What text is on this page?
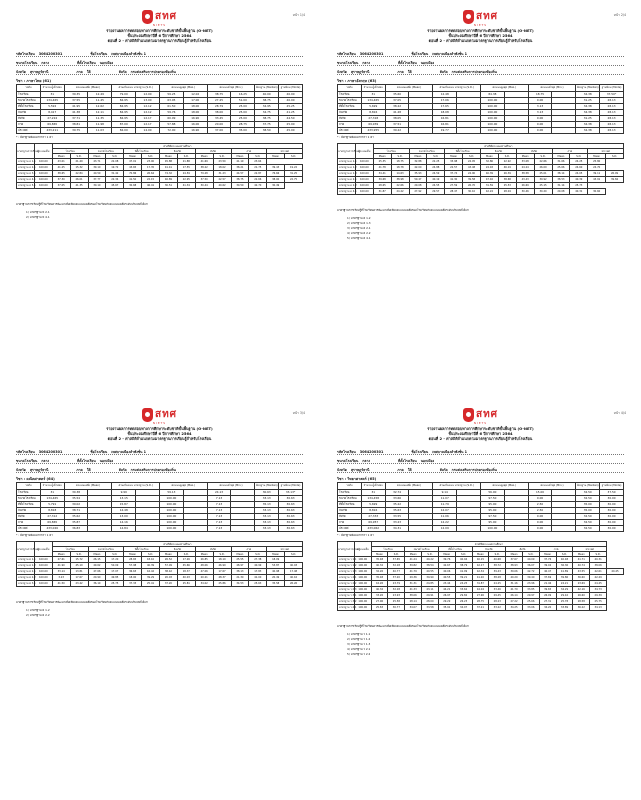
หน้า 1/4
สทศ
NIETS
รายงานผลการทดสอบทางการศึกษาระดับชาติขั้นพื้นฐาน (O-NET)
ชั้นประถมศึกษาปีที่ 6 ปีการศึกษา 2564
ตอนที่ 2 - ค่าสถิติจำแนกตามมาตรฐานการเรียนรู้สำหรับโรงเรียน
รหัสโรงเรียน 3064200301	ชื่อโรงเรียน เทศบาลเมืองลำพังชั่น 1
ขนาดโรงเรียน กลาง	ที่ตั้งโรงเรียน นอกเมือง
จังหวัด สุราษฎร์ธานี	ภาค ใต้	สังกัด กรมส่งเสริมการปกครองท้องถิ่น
วิชา : ภาษาไทย (61)
ระดับ	จำนวน ผู้เข้าสอบ	คะแนนเฉลี่ย (Mean)		ส่วนเบี่ยงเบน มาตรฐาน (S.D.)		คะแนนสูงสุด (Max.)		คะแนนต่ำสุด (Min.)		มัธยฐาน (Median)	ฐานนิยม (Mode)
โรงเรียน	31	39.35	12.49	79.00	12.00	59.25	12.02	38.75	16.25	40.00	40.00
ขนาดโรงเรียน	134,465	37.55	11.45	84.95	13.00	63.95	17.00	27.25	51.00	38.75	40.00
ที่ตั้งโรงเรียน	5,592	41.95	12.62	84.95	12.12	61.50	18.00	28.79	25.00	34.95	45.25
จังหวัด	8,417	41.38	12.11	84.95	12.12	59.76	18.00	38.00	25.00	34.75	41.25
สังกัด	27,224	37.71	11.35	84.95	12.17	60.99	16.90	33.45	25.00	38.75	44.50
ภาค	69,865	38.81	11.98	87.00	12.17	57.88	16.00	20.00	28.75	37.75	25.00
ประเทศ	433,211	39.75	11.03	84.00	14.00	72.00	16.90	37.00	35.00	38.50	45.00
* : มีค่าฐานนิยมมากกว่า 1 ค่า
มาตรฐานการเรียนรู้	คะแนนเต็ม	ค่าสถิติคะแนนสถานศึกษา													
		โรงเรียน		ขนาดโรงเรียน		ที่ตั้งโรงเรียน		จังหวัด		สังกัด		ภาค		ประเทศ	
		Mean	S.D.	Mean	S.D.	Mean	S.D.	Mean	S.D.	Mean	S.D.	Mean	S.D.	Mean	S.D.
มาตรฐาน ท 1.1	100.00	43.01	21.49	43.71	22.08	47.01	23.00	45.88	21.88	41.69	23.50	41.19	23.64		
มาตรฐาน ท 2.1	100.00	41.25	15.32	39.10	19.72	43.65	17.35	41.41	17.55	38.22	18.02	38.21	21.75	39.43	19.22
มาตรฐาน ท 3.1	100.00	38.65	22.84	40.59	31.42	70.86	26.64	74.32	24.59	79.28	31.23	44.57	22.87	76.66	31.25
มาตรฐาน ท 4.1	100.00	37.30	26.01	37.77	22.34	41.50	22.15	40.89	22.95	37.50	22.57	38.75	22.66	38.00	22.75
มาตรฐาน ท 5.1	100.00	37.05	41.35	30.10	45.67	30.68	46.41	30.51	41.34	30.44	40.62	30.50	42.70	30.49	
มาตรฐานการเรียนรู้ที่โรงเรียนควรพัฒนาเมื่อเทียบคะแนนเฉลี่ยของโรงเรียนกับคะแนนเฉลี่ยระดับประเทศได้แก่
1) มาตรฐาน ท 2.1
2) มาตรฐาน ท 4.1
หน้า 2/4
สทศ
NIETS
รายงานผลการทดสอบทางการศึกษาระดับชาติขั้นพื้นฐาน (O-NET)
ชั้นประถมศึกษาปีที่ 6 ปีการศึกษา 2564
ตอนที่ 2 - ค่าสถิติจำแนกตามมาตรฐานการเรียนรู้สำหรับโรงเรียน
รหัสโรงเรียน 3064200301	ชื่อโรงเรียน เทศบาลเมืองลำพังชั่น 1
ขนาดโรงเรียน กลาง	ที่ตั้งโรงเรียน นอกเมือง
จังหวัด สุราษฎร์ธานี	ภาค ใต้	สังกัด กรมส่งเสริมการปกครองท้องถิ่น
วิชา : ภาษาอังกฤษ (63)
ระดับ	จำนวน ผู้เข้าสอบ	คะแนนเฉลี่ย (Mean)		ส่วนเบี่ยงเบน มาตรฐาน (S.D.)		คะแนนสูงสุด (Max.)		คะแนนต่ำสุด (Min.)		มัธยฐาน (Median)	ฐานนิยม (Mode)
โรงเรียน	31	35.60		12.48		84.38		18.75		34.38	37.50*
ขนาดโรงเรียน	134,465	37.05		17.06		100.00		0.00		31.25	28.13
ที่ตั้งโรงเรียน	5,699	38.22		17.65		100.00		3.13		34.38	28.13
จังหวัด	8,816	41.28		18.08		100.00		3.13		34.38	28.13
สังกัด	27,318	38.05		16.81		100.00		0.00		31.25	28.13
ภาค	69,939	37.51		16.81		100.00		0.00		34.38	28.13
ประเทศ	433,955	39.22		19.77		100.00		0.00		34.38	28.13
* : มีค่าฐานนิยมมากกว่า 1 ค่า
มาตรฐานการเรียนรู้	คะแนนเต็ม	ค่าสถิติคะแนนสถานศึกษา													
		โรงเรียน		ขนาดโรงเรียน		ที่ตั้งโรงเรียน		จังหวัด		สังกัด		ภาค		ประเทศ	
		Mean	S.D.	Mean	S.D.	Mean	S.D.	Mean	S.D.	Mean	S.D.	Mean	S.D.	Mean	S.D.
มาตรฐาน ต 1.1	100.00	25.35	18.75	32.88	22.25	33.98	24.05	32.86	22.92	33.08	22.66	31.66	24.25	25.80	
มาตรฐาน ต 1.2	100.00	41.78	18.78	42.00	24.88	22.57	43.48	24.18	46.19	24.24	26.09	25.66	24.60	24.70	
มาตรฐาน ต 1.3	100.00	34.41	14.63	35.93	24.59	37.74	24.90	40.39	26.39	38.58	25.01	38.14	24.05	39.11	26.09
มาตรฐาน ต 2.1	100.00	39.68	38.98	59.47	40.19	41.30	39.58	47.16	38.68	43.43	39.92	38.53	40.39	43.91	39.84
มาตรฐาน ต 2.2	100.00	28.65	22.66	29.08	24.55	27.59	26.70	31.59	25.53	26.69	25.15	31.14	25.73		
มาตรฐาน ต 4.1	100.00	31.87	24.22	27.92	29.57	28.47	30.10	42.24	28.04	30.46	30.20	29.08	40.31	30.60	
มาตรฐานการเรียนรู้ที่โรงเรียนควรพัฒนาเมื่อเทียบคะแนนเฉลี่ยของโรงเรียนกับคะแนนเฉลี่ยระดับประเทศได้แก่
1) มาตรฐาน ต 1.2
2) มาตรฐาน ต 1.3
3) มาตรฐาน ต 2.1
4) มาตรฐาน ต 2.2
5) มาตรฐาน ต 4.1
หน้า 3/4
สทศ
NIETS
รายงานผลการทดสอบทางการศึกษาระดับชาติขั้นพื้นฐาน (O-NET)
ชั้นประถมศึกษาปีที่ 6 ปีการศึกษา 2564
ตอนที่ 2 - ค่าสถิติจำแนกตามมาตรฐานการเรียนรู้สำหรับโรงเรียน
รหัสโรงเรียน 3064200301	ชื่อโรงเรียน เทศบาลเมืองลำพังชั่น 1
ขนาดโรงเรียน กลาง	ที่ตั้งโรงเรียน นอกเมือง
จังหวัด สุราษฎร์ธานี	ภาค ใต้	สังกัด กรมส่งเสริมการปกครองท้องถิ่น
วิชา : คณิตศาสตร์ (64)
ระดับ	จำนวน ผู้เข้าสอบ	คะแนนเฉลี่ย (Mean)		ส่วนเบี่ยงเบน มาตรฐาน (S.D.)		คะแนนสูงสุด (Max.)		คะแนนต่ำสุด (Min.)		มัธยฐาน (Median)	ฐานนิยม (Mode)
โรงเรียน	31	30.38		9.99		59.13		24.13		30.63	33.13*
ขนาดโรงเรียน	134,465	35.54		13.15		100.00		7.13		33.13	30.63
ที่ตั้งโรงเรียน	5,791	39.02		15.87		100.00		7.13		35.13	30.63
จังหวัด	8,818	38.71		14.48		100.00		7.13		33.13	30.63
สังกัด	27,312	35.62		13.00		100.00		7.13		33.13	30.63
ภาค	69,865	35.87		14.16		100.00		7.13		33.13	30.63
ประเทศ	433,026	36.83		14.84		100.00		7.13		33.13	30.63
* : มีค่าฐานนิยมมากกว่า 1 ค่า
มาตรฐานการเรียนรู้	คะแนนเต็ม	ค่าสถิติคะแนนสถานศึกษา													
		โรงเรียน		ขนาดโรงเรียน		ที่ตั้งโรงเรียน		จังหวัด		สังกัด		ภาค		ประเทศ	
		Mean	S.D.	Mean	S.D.	Mean	S.D.	Mean	S.D.	Mean	S.D.	Mean	S.D.	Mean	S.D.
มาตรฐาน ค 1.1	100.00	27.61	15.72	26.15	17.20	28.65	18.10	26.52	17.26	26.85	18.19	25.55	27.38	18.09	
มาตรฐาน ค 1.2	100.00	41.90	45.19	49.62	50.09	57.98	40.39	57.09	45.66	48.06	46.99	48.97	40.99	53.87	40.93
มาตรฐาน ค 2.1	100.00	33.14	13.81	47.66	17.07	36.63	16.42	38.42	18.37	47.06	17.67	38.13	17.83	40.98	17.48
มาตรฐาน ค 2.2	100.00	3.23	17.67	20.90	49.85	18.00	39.29	20.03	40.03	20.21	48.37	21.30	41.00	20.49	40.16
มาตรฐาน ค 3.1	100.00	41.50	23.42	36.19	25.75	37.33	25.41	37.20	25.81	34.02	25.86	34.53	25.63	35.58	26.26
มาตรฐานการเรียนรู้ที่โรงเรียนควรพัฒนาเมื่อเทียบคะแนนเฉลี่ยของโรงเรียนกับคะแนนเฉลี่ยระดับประเทศได้แก่
1) มาตรฐาน ค 1.2
2) มาตรฐาน ค 2.2
หน้า 4/4
สทศ
NIETS
รายงานผลการทดสอบทางการศึกษาระดับชาติขั้นพื้นฐาน (O-NET)
ชั้นประถมศึกษาปีที่ 6 ปีการศึกษา 2564
ตอนที่ 2 - ค่าสถิติจำแนกตามมาตรฐานการเรียนรู้สำหรับโรงเรียน
รหัสโรงเรียน 3064200301	ชื่อโรงเรียน เทศบาลเมืองลำพังชั่น 1
ขนาดโรงเรียน กลาง	ที่ตั้งโรงเรียน นอกเมือง
จังหวัด สุราษฎร์ธานี	ภาค ใต้	สังกัด กรมส่งเสริมการปกครองท้องถิ่น
วิชา : วิทยาศาสตร์ (65)
ระดับ	จำนวน ผู้เข้าสอบ	คะแนนเฉลี่ย (Mean)		ส่วนเบี่ยงเบน มาตรฐาน (S.D.)		คะแนนสูงสุด (Max.)		คะแนนต่ำสุด (Min.)		มัธยฐาน (Median)	ฐานนิยม (Mode)
โรงเรียน	31	32.74		9.14		56.00		15.00		32.50	37.50
ขนาดโรงเรียน	134,458	33.66		11.07		97.50		0.00		32.50	30.00
ที่ตั้งโรงเรียน	5,699	35.22		11.79		95.00		2.50		35.00	30.00
จังหวัด	8,816	35.63		12.07		95.00		2.50		35.00	30.00
สังกัด	27,333	33.55		11.06		97.50		0.00		32.50	30.00
ภาค	69,957	33.23		12.22		95.00		0.00		32.50	30.00
ประเทศ	433,062	34.31		12.09		100.00		0.00		32.50	30.00
* : มีค่าฐานนิยมมากกว่า 1 ค่า
มาตรฐานการเรียนรู้	คะแนนเต็ม	ค่าสถิติคะแนนสถานศึกษา														
		โรงเรียน		ขนาดโรงเรียน		ที่ตั้งโรงเรียน		จังหวัด		สังกัด		ภาค		ประเทศ		
		Mean	S.D.	Mean	S.D.	Mean	S.D.	Mean	S.D.	Mean	S.D.	Mean	S.D.	Mean	S.D.	
มาตรฐาน ว 1.1	100.00	35.48	37.65	41.24	40.22	39.76	40.94	40.15	40.68	37.67	40.09	37.76	40.48	41.71	40.31	
มาตรฐาน ว 1.2	100.00	40.32	32.18	39.82	38.54	42.67	38.79	42.17	38.72	38.93	36.07	39.02	36.36	40.74	38.06	
มาตรฐาน ว 1.3	100.00	32.26	40.77	41.79	40.55	40.06	41.99	42.34	39.43	39.06	42.72	40.47	41.89	43.55	42.61	40.45
มาตรฐาน ว 2.1	100.00	35.48	37.20	29.36	39.90	40.55	39.21	41.20	38.28	40.29	39.40	37.69	39.86	36.60	42.49	
มาตรฐาน ว 2.2	100.00	16.26	23.79	31.31	24.85	23.44	24.25	31.87	24.25	31.16	23.96	21.46	24.21	23.69	24.45	
มาตรฐาน ว 2.3	100.00	40.32	32.18	41.33	43.11	44.21	33.62	44.04	33.46	41.79	33.85	39.65	34.29	42.16	34.73	
มาตรฐาน ว 3.1	100.00	33.26	23.93	38.06	29.91	26.97	29.82	27.96	29.45	26.14	29.97	26.09	29.42	26.60	29.39	
มาตรฐาน ว 3.2	100.00	27.96	25.58	28.14	28.00	29.29	26.23	28.75	28.23	27.22	25.66	27.31	25.78	28.58	25.75	
มาตรฐาน ว 4.1	100.00	25.83	30.77	34.07	33.58	35.91	34.07	37.21	33.22	34.25	33.06	34.20	33.89	36.22	34.13	
มาตรฐานการเรียนรู้ที่โรงเรียนควรพัฒนาเมื่อเทียบคะแนนเฉลี่ยของโรงเรียนกับคะแนนเฉลี่ยระดับประเทศได้แก่
1) มาตรฐาน ว 1.1
2) มาตรฐาน ว 1.2
3) มาตรฐาน ว 1.3
4) มาตรฐาน ว 2.1
5) มาตรฐาน ว 2.2
